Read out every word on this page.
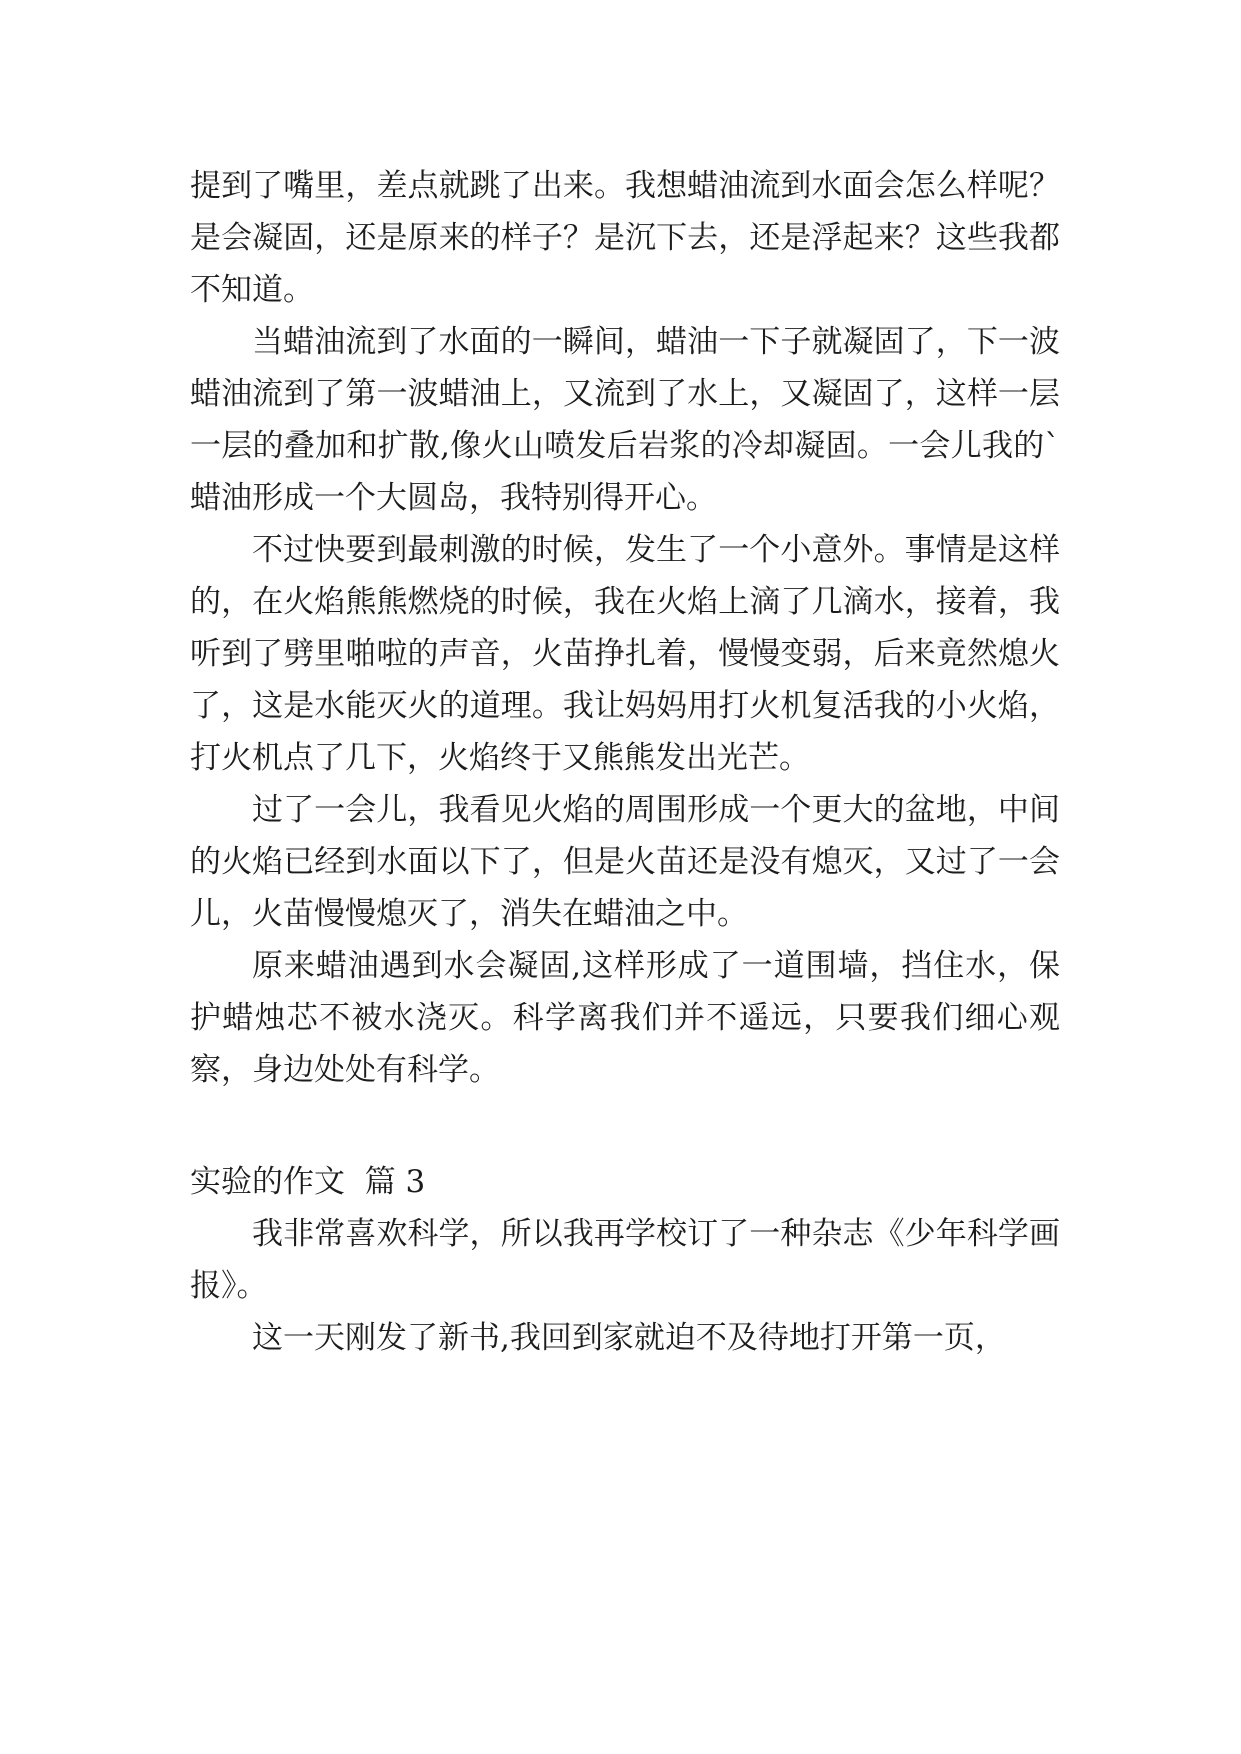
提到了嘴里，差点就跳了出来。我想蜡油流到水面会怎么样呢？是会凝固，还是原来的样子？是沉下去，还是浮起来？这些我都不知道。

当蜡油流到了水面的一瞬间，蜡油一下子就凝固了，下一波蜡油流到了第一波蜡油上，又流到了水上，又凝固了，这样一层一层的叠加和扩散,像火山喷发后岩浆的冷却凝固。一会儿我的`蜡油形成一个大圆岛，我特别得开心。

不过快要到最刺激的时候，发生了一个小意外。事情是这样的，在火焰熊熊燃烧的时候，我在火焰上滴了几滴水，接着，我听到了劈里啪啦的声音，火苗挣扎着，慢慢变弱，后来竟然熄火了，这是水能灭火的道理。我让妈妈用打火机复活我的小火焰，打火机点了几下，火焰终于又熊熊发出光芒。

过了一会儿，我看见火焰的周围形成一个更大的盆地，中间的火焰已经到水面以下了，但是火苗还是没有熄灭，又过了一会儿，火苗慢慢熄灭了，消失在蜡油之中。

原来蜡油遇到水会凝固,这样形成了一道围墙，挡住水，保护蜡烛芯不被水浇灭。科学离我们并不遥远，只要我们细心观察，身边处处有科学。

实验的作文  篇 3

我非常喜欢科学，所以我再学校订了一种杂志《少年科学画报》。

这一天刚发了新书,我回到家就迫不及待地打开第一页，
